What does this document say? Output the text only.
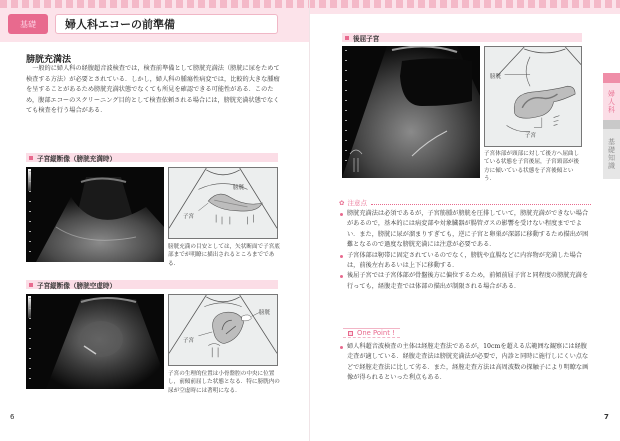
基礎	婦人科エコーの前準備
膀胱充満法

一般的に婦人科の経腹超音波検査では，検査前準備として膀胱充満法（膀胱に尿をためて検査する方法）が必要とされている．しかし，婦人科の腫瘍性病変では，比較的大きな腫瘤を呈することがあるため膀胱充満状態でなくても所見を確認できる可能性がある．このため，腹部エコーのスクリーニング目的として検査依頼される場合には，膀胱充満状態でなくても検査を行う場合がある．

子宮縦断像（膀胱充満時）
膀胱
子宮
膀胱充満の目安としては，矢状断面で子宮底部までが明瞭に描出されるところまでである．
子宮縦断像（膀胱空虚時）
膀胱
子宮
子宮の生理的位置は小骨盤腔の中央に位置し，前傾前屈した状態となる．特に膀胱内の尿が空虚時には著明になる．
6
後屈子宮
膀胱
子宮
子宮体部が頸部に対して後方へ屈曲している状態を子宮後屈，子宮頸部が後方に傾いている状態を子宮後傾という．
婦人科
基礎知識
✿ 注意点
膀胱充満法は必須であるが，子宮筋腫が膀胱を圧排していて，膀胱充満ができない場合があるので，基本的には病変部や対象臓器が腸管ガスの影響を受けない程度まででよい．また，膀胱に尿が溜まりすぎても，逆に子宮と卵巣が深部に移動するため描出が困難となるので過度な膀胱充満には注意が必要である．
子宮体部は靭帯に固定されているのでなく，膀胱や直腸などに内容物が充満した場合は，前後左右あるいは上下に移動する．
後屈子宮では子宮体部が骨盤後方に偏位するため，前傾前屈子宮と同程度の膀胱充満を行っても，経腹走査では体部の描出が制限される場合がある．
One Point !
婦人科超音波検査の主体は経腟走査法であるが，10cmを超える広範囲な観察には経腹走査が適している．経腹走査法は膀胱充満法が必要で，内診と同時に施行しにくい点などで経腟走査法に比して劣る．また，経腟走査方法は高周波数の探触子により明瞭な画像が得られるといった利点もある．
7
